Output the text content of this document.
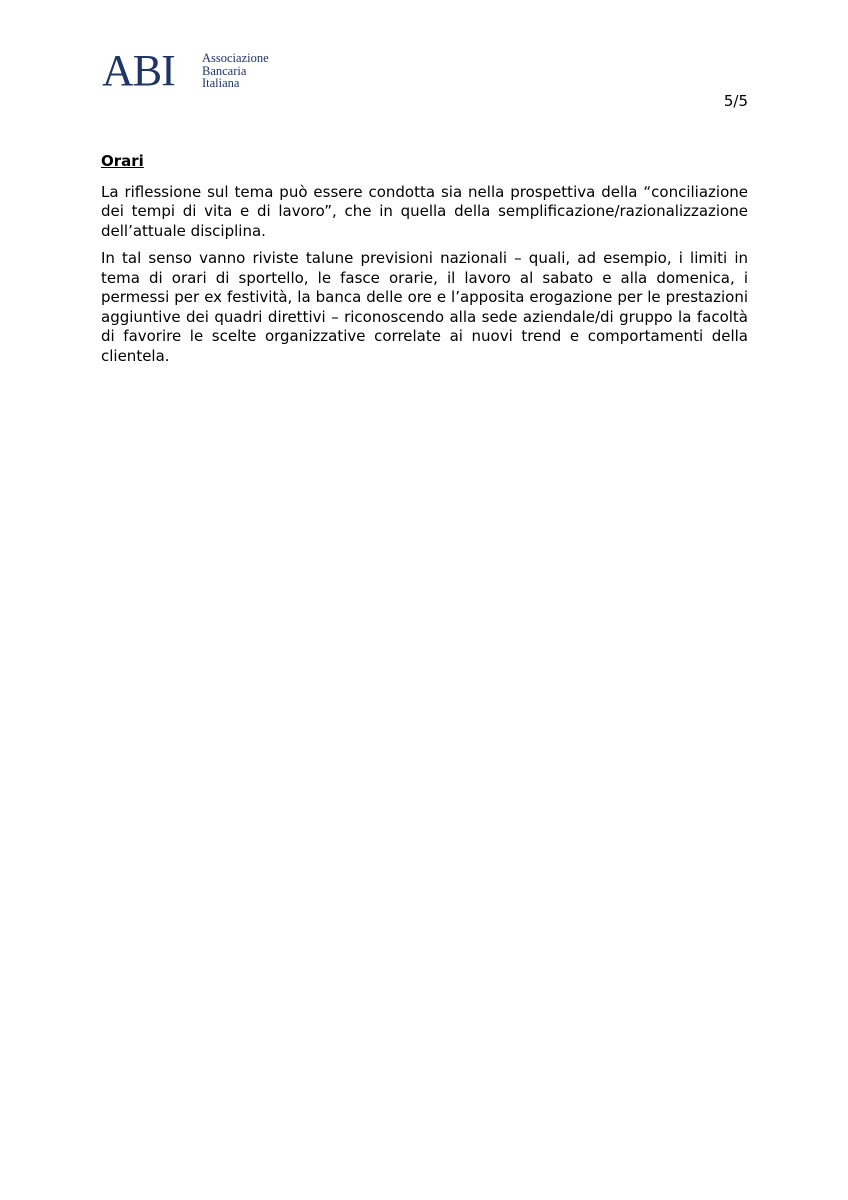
ABI Associazione
Bancaria
Italiana
5/5
Orari

La riflessione sul tema può essere condotta sia nella prospettiva della “conciliazione dei tempi di vita e di lavoro”, che in quella della semplificazione/razionalizzazione dell’attuale disciplina.

In tal senso vanno riviste talune previsioni nazionali – quali, ad esempio, i limiti in tema di orari di sportello, le fasce orarie, il lavoro al sabato e alla domenica, i permessi per ex festività, la banca delle ore e l’apposita erogazione per le prestazioni aggiuntive dei quadri direttivi – riconoscendo alla sede aziendale/di gruppo la facoltà di favorire le scelte organizzative correlate ai nuovi trend e comportamenti della clientela.
